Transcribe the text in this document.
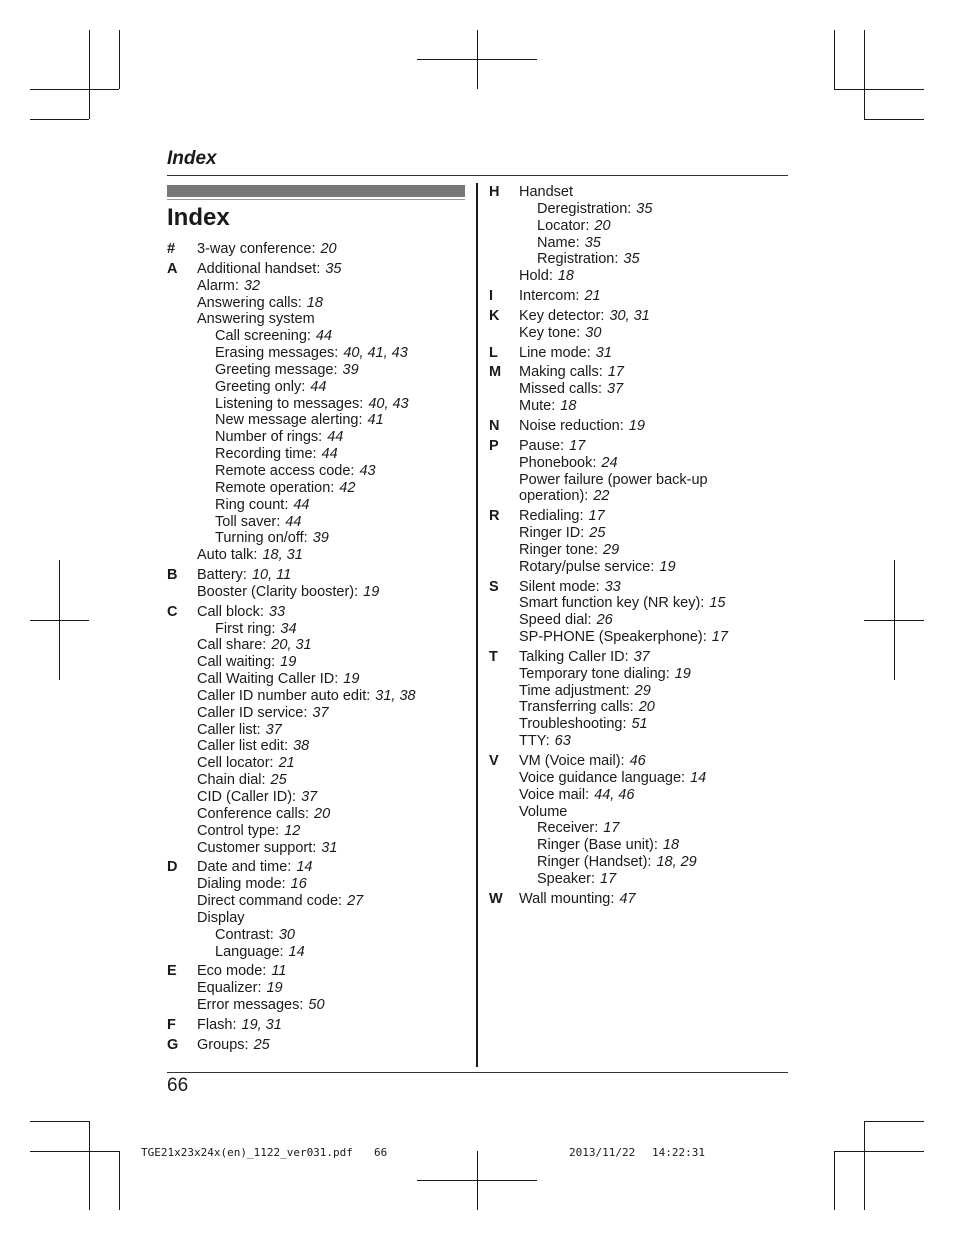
Index
Index
# 3-way conference: 20
A Additional handset: 35
Alarm: 32
Answering calls: 18
Answering system
Call screening: 44
Erasing messages: 40, 41, 43
Greeting message: 39
Greeting only: 44
Listening to messages: 40, 43
New message alerting: 41
Number of rings: 44
Recording time: 44
Remote access code: 43
Remote operation: 42
Ring count: 44
Toll saver: 44
Turning on/off: 39
Auto talk: 18, 31
B Battery: 10, 11
Booster (Clarity booster): 19
C Call block: 33
First ring: 34
Call share: 20, 31
Call waiting: 19
Call Waiting Caller ID: 19
Caller ID number auto edit: 31, 38
Caller ID service: 37
Caller list: 37
Caller list edit: 38
Cell locator: 21
Chain dial: 25
CID (Caller ID): 37
Conference calls: 20
Control type: 12
Customer support: 31
D Date and time: 14
Dialing mode: 16
Direct command code: 27
Display
Contrast: 30
Language: 14
E Eco mode: 11
Equalizer: 19
Error messages: 50
F Flash: 19, 31
G Groups: 25
H Handset
Deregistration: 35
Locator: 20
Name: 35
Registration: 35
Hold: 18
I Intercom: 21
K Key detector: 30, 31
Key tone: 30
L Line mode: 31
M Making calls: 17
Missed calls: 37
Mute: 18
N Noise reduction: 19
P Pause: 17
Phonebook: 24
Power failure (power back-up
operation): 22
R Redialing: 17
Ringer ID: 25
Ringer tone: 29
Rotary/pulse service: 19
S Silent mode: 33
Smart function key (NR key): 15
Speed dial: 26
SP-PHONE (Speakerphone): 17
T Talking Caller ID: 37
Temporary tone dialing: 19
Time adjustment: 29
Transferring calls: 20
Troubleshooting: 51
TTY: 63
V VM (Voice mail): 46
Voice guidance language: 14
Voice mail: 44, 46
Volume
Receiver: 17
Ringer (Base unit): 18
Ringer (Handset): 18, 29
Speaker: 17
W Wall mounting: 47
66
TGE21x23x24x(en)_1122_ver031.pdf 66	2013/11/22 14:22:31
